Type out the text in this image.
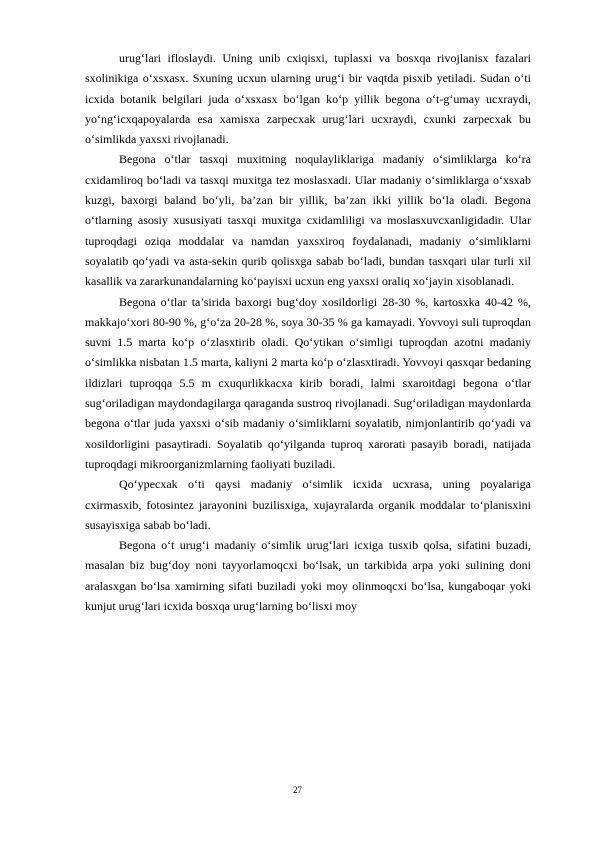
urug‘lari ifloslaydi. Uning unib cxiqisxi, tuplasxi va bosxqa rivojlanisx fazalari sxolinikiga o‘xsxasx. Sxuning ucxun ularning urug‘i bir vaqtda pisxib yetiladi. Sudan o‘ti icxida botanik belgilari juda o‘xsxasx bo‘lgan ko‘p yillik begona o‘t-g‘umay ucxraydi, yo‘ng‘icxqapoyalarda esa xamisxa zarpecxak urug‘lari ucxraydi, cxunki zarpecxak bu o‘simlikda yaxsxi rivojlanadi.

Begona o‘tlar tasxqi muxitning noqulayliklariga madaniy o‘simliklarga ko‘ra cxidamliroq bo‘ladi va tasxqi muxitga tez moslasxadi. Ular madaniy o‘simliklarga o‘xsxab kuzgi, baxorgi baland bo‘yli, ba’zan bir yillik, ba’zan ikki yillik bo‘la oladi. Begona o‘tlarning asosiy xususiyati tasxqi muxitga cxidamliligi va moslasxuvcxanligidadir. Ular tuproqdagi oziqa moddalar va namdan yaxsxiroq foydalanadi, madaniy o‘simliklarni soyalatib qo‘yadi va asta-sekin qurib qolisxga sabab bo‘ladi, bundan tasxqari ular turli xil kasallik va zararkunandalarning ko‘payisxi ucxun eng yaxsxi oraliq xo‘jayin xisoblanadi.

Begona o‘tlar ta’sirida baxorgi bug‘doy xosildorligi 28-30 %, kartosxka 40-42 %, makkajo‘xori 80-90 %, g‘o‘za 20-28 %, soya 30-35 % ga kamayadi. Yovvoyi suli tuproqdan suvni 1.5 marta ko‘p o‘zlasxtirib oladi. Qo‘ytikan o‘simligi tuproqdan azotni madaniy o‘simlikka nisbatan 1.5 marta, kaliyni 2 marta ko‘p o‘zlasxtiradi. Yovvoyi qasxqar bedaning ildizlari tuproqqa 5.5 m cxuqurlikkacxa kirib boradi, lalmi sxaroitdagi begona o‘tlar sug‘oriladigan maydondagilarga qaraganda sustroq rivojlanadi. Sug‘oriladigan maydonlarda begona o‘tlar juda yaxsxi o‘sib madaniy o‘simliklarni soyalatib, nimjonlantirib qo‘yadi va xosildorligini pasaytiradi. Soyalatib qo‘yilganda tuproq xarorati pasayib boradi, natijada tuproqdagi mikroorganizmlarning faoliyati buziladi.

Qo‘ypecxak o‘ti qaysi madaniy o‘simlik icxida ucxrasa, uning poyalariga cxirmasxib, fotosintez jarayonini buzilisxiga, xujayralarda organik moddalar to‘planisxini susayisxiga sabab bo‘ladi.

Begona o‘t urug‘i madaniy o‘simlik urug‘lari icxiga tusxib qolsa, sifatini buzadi, masalan biz bug‘doy noni tayyorlamoqcxi bo‘lsak, un tarkibida arpa yoki sulining doni aralasxgan bo‘lsa xamirning sifati buziladi yoki moy olinmoqcxi bo‘lsa, kungaboqar yoki kunjut urug‘lari icxida bosxqa urug‘larning bo‘lisxi moy

27
